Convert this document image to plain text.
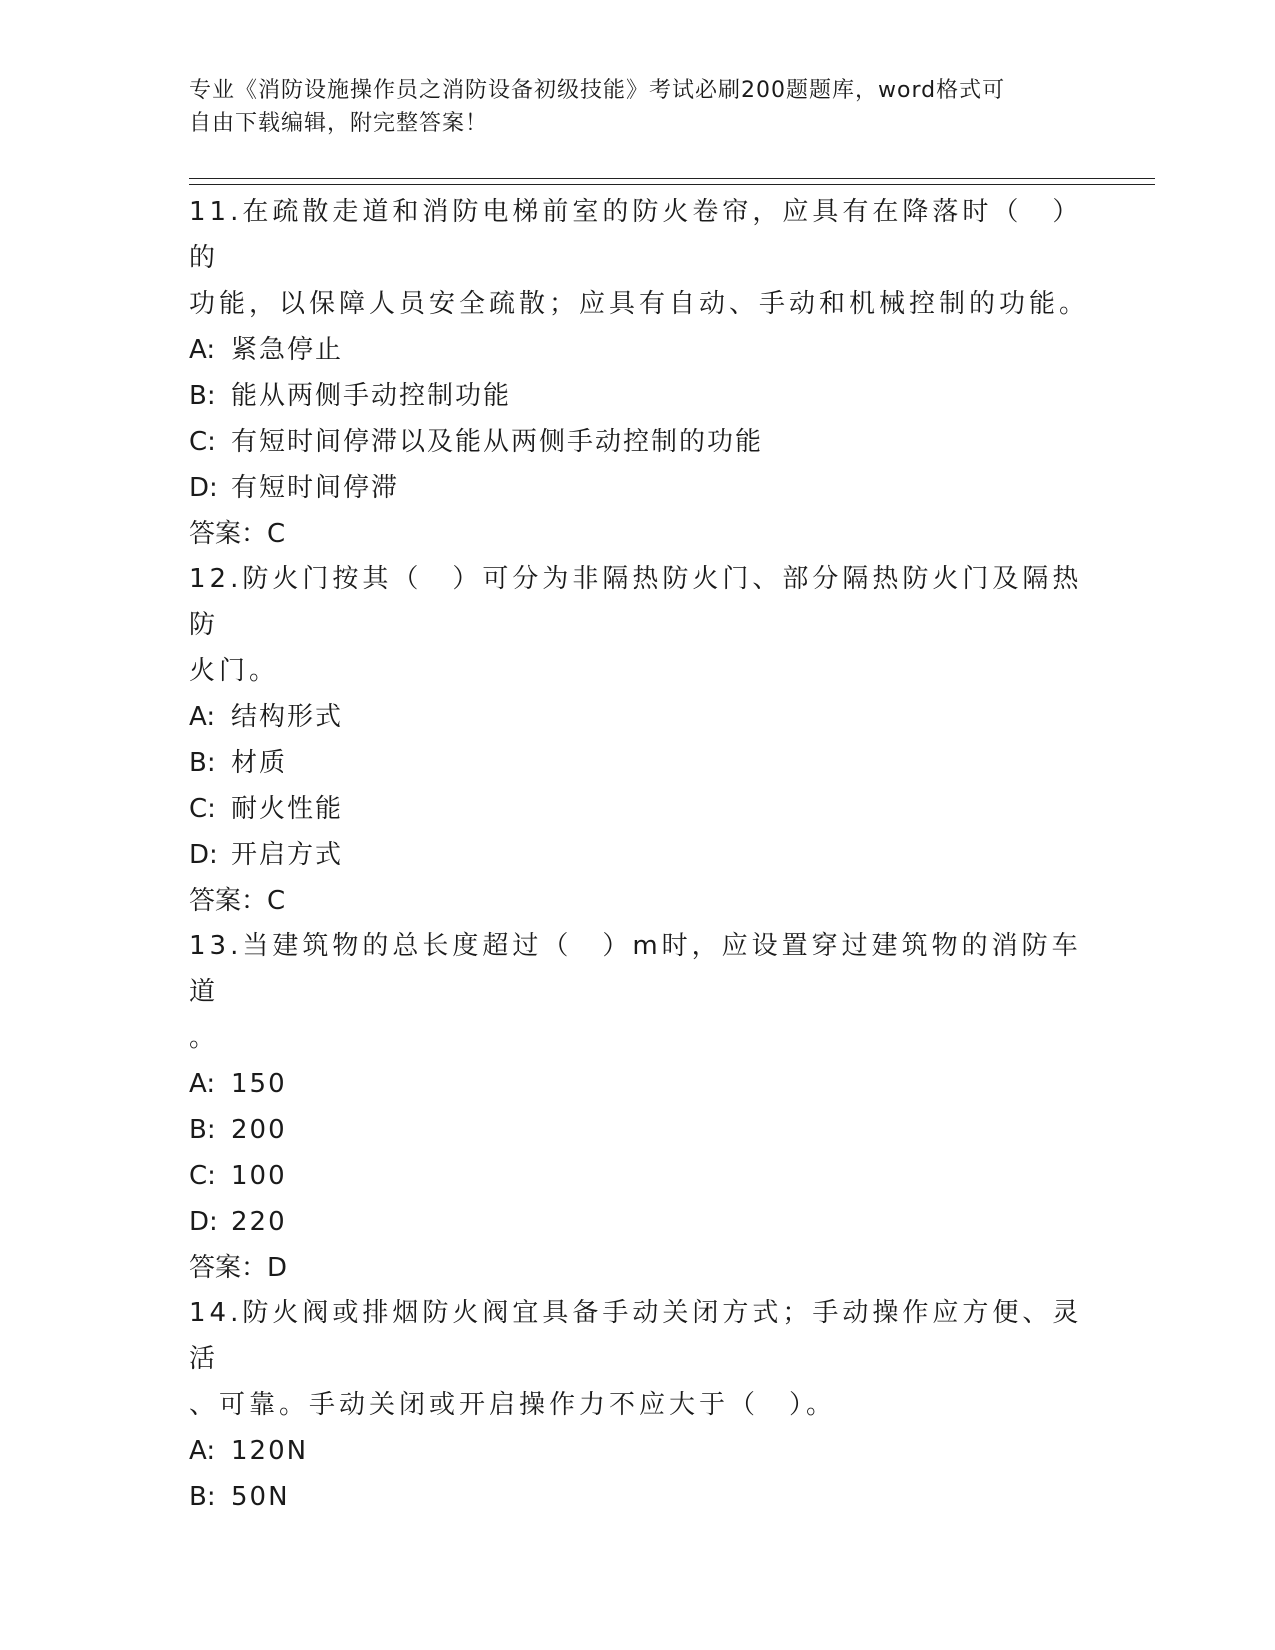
专业《消防设施操作员之消防设备初级技能》考试必刷200题题库，word格式可
自由下载编辑，附完整答案！

11.在疏散走道和消防电梯前室的防火卷帘，应具有在降落时（　）的

功能，以保障人员安全疏散；应具有自动、手动和机械控制的功能。

A: 紧急停止

B: 能从两侧手动控制功能

C: 有短时间停滞以及能从两侧手动控制的功能

D: 有短时间停滞

答案：C

12.防火门按其（　）可分为非隔热防火门、部分隔热防火门及隔热防

火门。

A: 结构形式

B: 材质

C: 耐火性能

D: 开启方式

答案：C

13.当建筑物的总长度超过（　）m时，应设置穿过建筑物的消防车道

。

A: 150

B: 200

C: 100

D: 220

答案：D

14.防火阀或排烟防火阀宜具备手动关闭方式；手动操作应方便、灵活

、可靠。手动关闭或开启操作力不应大于（　）。

A: 120N

B: 50N
